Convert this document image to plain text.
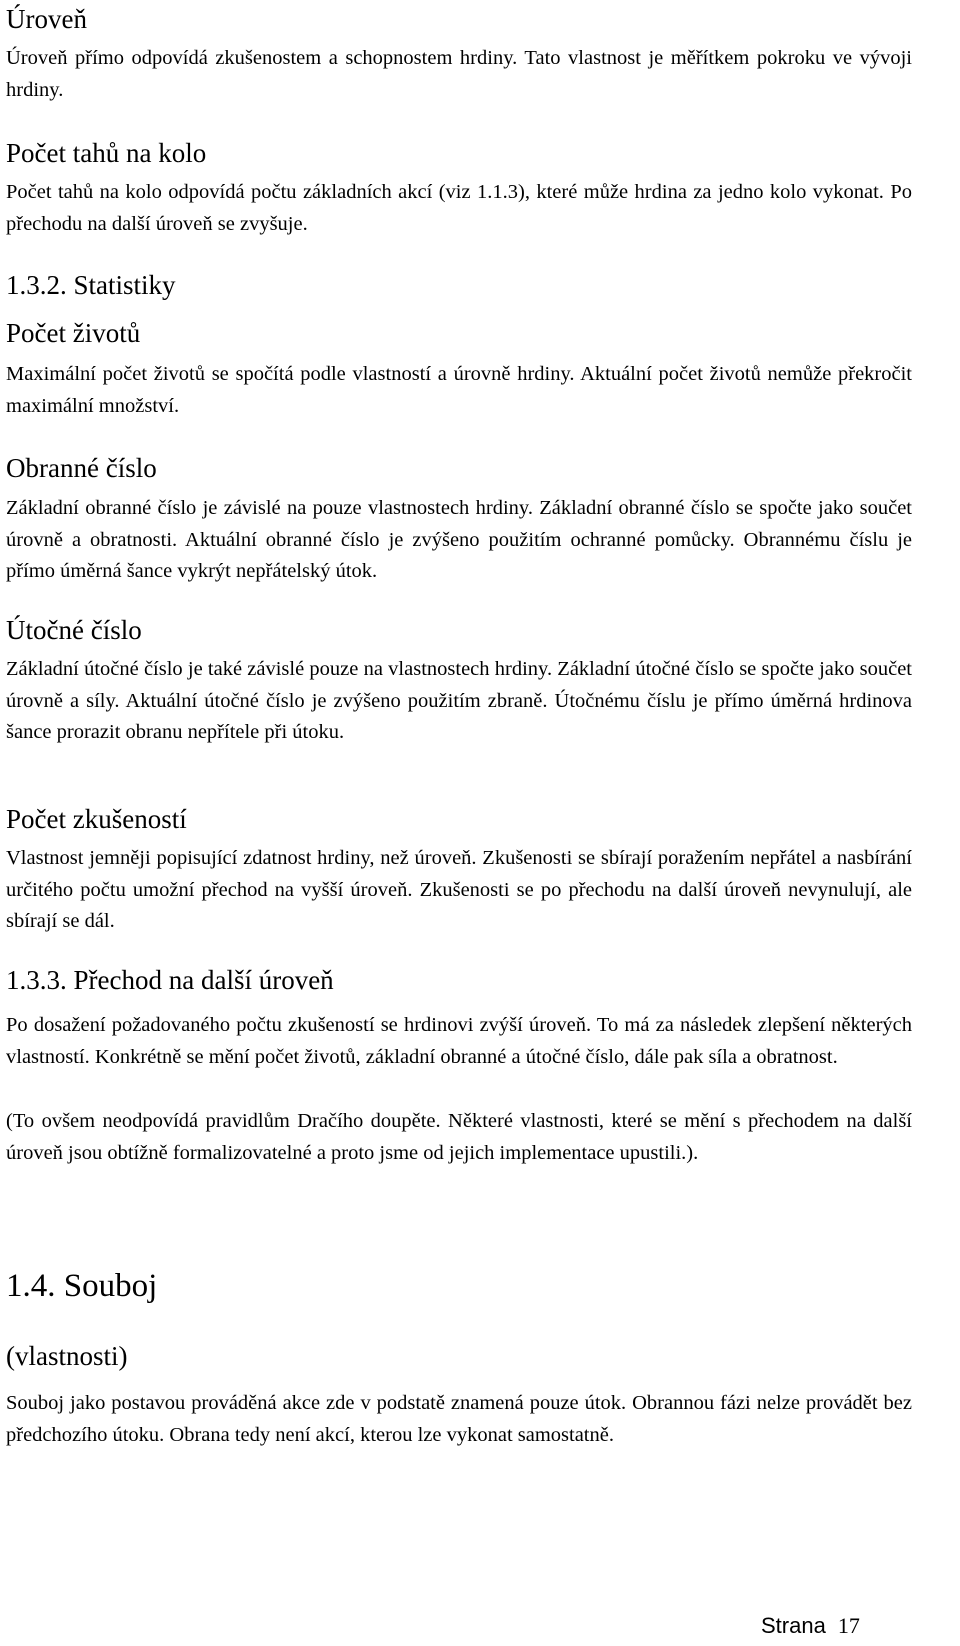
Úroveň

Úroveň přímo odpovídá zkušenostem a schopnostem hrdiny. Tato vlastnost je měřítkem pokroku ve vývoji hrdiny.

Počet tahů na kolo

Počet tahů na kolo odpovídá počtu základních akcí (viz 1.1.3), které může hrdina za jedno kolo vykonat. Po přechodu na další úroveň se zvyšuje.

1.3.2. Statistiky
Počet životů

Maximální počet životů se spočítá podle vlastností a úrovně hrdiny. Aktuální počet životů nemůže překročit maximální množství.

Obranné číslo

Základní obranné číslo je závislé na pouze vlastnostech hrdiny. Základní obranné číslo se spočte jako součet úrovně a obratnosti. Aktuální obranné číslo je zvýšeno použitím ochranné pomůcky. Obrannému číslu je přímo úměrná šance vykrýt nepřátelský útok.

Útočné číslo

Základní útočné číslo je také závislé pouze na vlastnostech hrdiny. Základní útočné číslo se spočte jako součet úrovně a síly. Aktuální útočné číslo je zvýšeno použitím zbraně. Útočnému číslu je přímo úměrná hrdinova šance prorazit obranu nepřítele při útoku.

Počet zkušeností

Vlastnost jemněji popisující zdatnost hrdiny, než úroveň. Zkušenosti se sbírají poražením nepřátel a nasbírání určitého počtu umožní přechod na vyšší úroveň. Zkušenosti se po přechodu na další úroveň nevynulují, ale sbírají se dál.

1.3.3. Přechod na další úroveň

Po dosažení požadovaného počtu zkušeností se hrdinovi zvýší úroveň. To má za následek zlepšení některých vlastností. Konkrétně se mění počet životů, základní obranné a útočné číslo, dále pak síla a obratnost.

(To ovšem neodpovídá pravidlům Dračího doupěte. Některé vlastnosti, které se mění s přechodem na další úroveň jsou obtížně formalizovatelné a proto jsme od jejich implementace upustili.).

1.4. Souboj
(vlastnosti)

Souboj jako postavou prováděná akce zde v podstatě znamená pouze útok. Obrannou fázi nelze provádět bez předchozího útoku. Obrana tedy není akcí, kterou lze vykonat samostatně.

Strana 17
